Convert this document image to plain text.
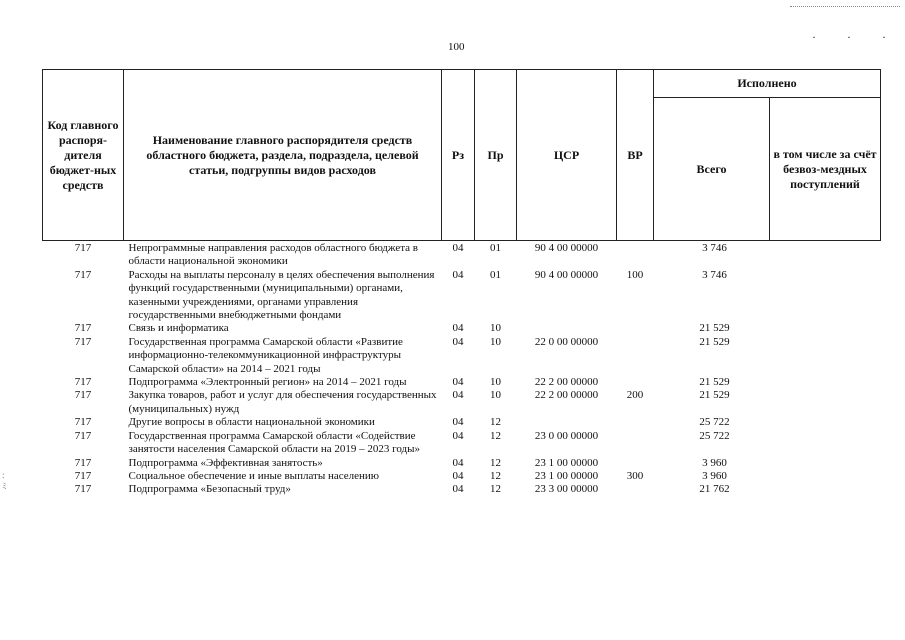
· · ·
:
ﾐ
100
Код главного распоря-дителя бюджет-ных средств	Наименование главного распорядителя средств областного бюджета, раздела, подраздела, целевой статьи, подгруппы видов расходов	Рз	Пр	ЦСР	ВР	Исполнено	
						Всего	в том числе за счёт безвоз-мездных поступлений
717	Непрограммные направления расходов областного бюджета в области национальной экономики	04	01	90 4 00 00000		3 746	
717	Расходы на выплаты персоналу в целях обеспечения выполнения функций государственными (муниципальными) органами, казенными учреждениями, органами управления государственными внебюджетными фондами	04	01	90 4 00 00000	100	3 746	
717	Связь и информатика	04	10			21 529	
717	Государственная программа Самарской области «Развитие информационно-телекоммуникационной инфраструктуры Самарской области» на 2014 – 2021 годы	04	10	22 0 00 00000		21 529	
717	Подпрограмма «Электронный регион» на 2014 – 2021 годы	04	10	22 2 00 00000		21 529	
717	Закупка товаров, работ и услуг для обеспечения государственных (муниципальных) нужд	04	10	22 2 00 00000	200	21 529	
717	Другие вопросы в области национальной экономики	04	12			25 722	
717	Государственная программа Самарской области «Содействие занятости населения Самарской области на 2019 – 2023 годы»	04	12	23 0 00 00000		25 722	
717	Подпрограмма «Эффективная занятость»	04	12	23 1 00 00000		3 960	
717	Социальное обеспечение и иные выплаты населению	04	12	23 1 00 00000	300	3 960	
717	Подпрограмма «Безопасный труд»	04	12	23 3 00 00000		21 762	
